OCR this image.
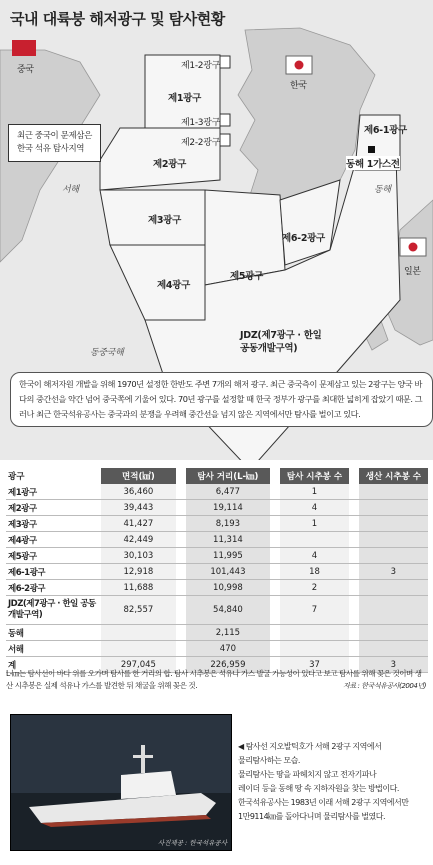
국내 대륙붕 해저광구 및 탐사현황
중국
한국
일본
서해	동해
동중국해
제1-2광구
제1광구
제1-3광구
제2-2광구
제2광구
제3광구
제4광구
제5광구
제6-1광구
제6-2광구
JDZ(제7광구 · 한일
공동개발구역)
동해 1가스전
최근 중국이 문제삼은
한국 석유 탐사지역
한국이 해저자원 개발을 위해 1970년 설정한 한반도 주변 7개의 해저 광구. 최근 중국측이 문제삼고 있는 2광구는 양국 바다의 중간선을 약간 넘어 중국쪽에 기울어 있다. 70년 광구를 설정할 때 한국 정부가 광구를 최대한 넓히게 잡았기 때문. 그러나 최근 한국석유공사는 중국과의 분쟁을 우려해 중간선을 넘지 않은 지역에서만 탐사를 벌이고 있다.
광구	면적(㎢)		탐사 거리(L-㎞)		탐사 시추봉 수		생산 시추봉 수
제1광구	36,460		6,477		1		
제2광구	39,443		19,114		4		
제3광구	41,427		8,193		1		
제4광구	42,449		11,314				
제5광구	30,103		11,995		4		
제6-1광구	12,918		101,443		18		3
제6-2광구	11,688		10,998		2		
JDZ(제7광구 · 한일 공동개발구역)	82,557		54,840		7		
동해			2,115				
서해			470				
계	297,045		226,959		37		3
L-㎞는 탐사선이 바다 위를 오가며 탐사를 한 거리의 합. 탐사 시추봉은 석유나 가스 발굴 가능성이 있다고 보고 탐사를 위해 꽂은 것이며 생산 시추봉은 실제 석유나 가스를 발견한 뒤 채굴을 위해 꽂은 것.	자료 : 한국석유공사(2004년)
사진제공 : 한국석유공사
◀ 탐사선 지오발틱호가 서해 2광구 지역에서
물리탐사하는 모습.
물리탐사는 땅을 파헤치지 않고 전자기파나
레이더 등을 동해 땅 속 지하자원을 찾는 방법이다.
한국석유공사는 1983년 이래 서해 2광구 지역에서만
1만9114㎞를 돌아다니며 물리탐사를 벌였다.
